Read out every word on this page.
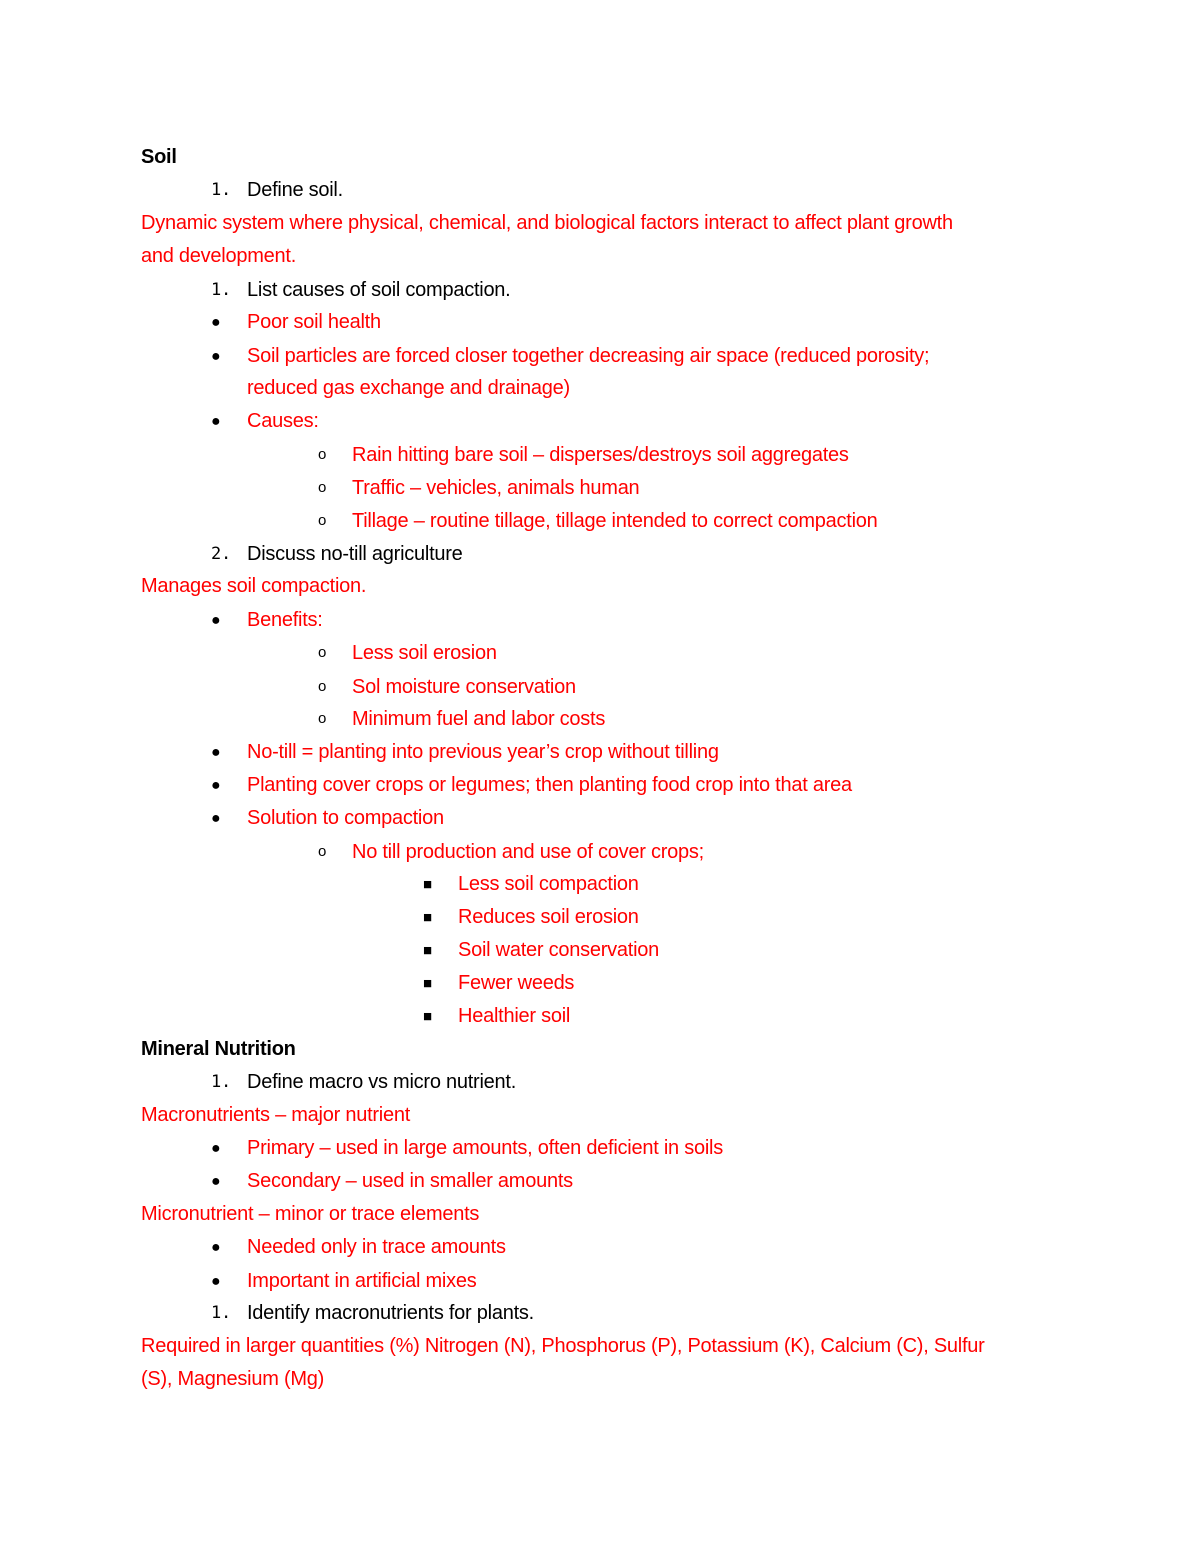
Soil
1. Define soil.
Dynamic system where physical, chemical, and biological factors interact to affect plant growth
and development.
1. List causes of soil compaction.
● Poor soil health
● Soil particles are forced closer together decreasing air space (reduced porosity;
reduced gas exchange and drainage)
● Causes:
o Rain hitting bare soil – disperses/destroys soil aggregates
o Traffic – vehicles, animals human
o Tillage – routine tillage, tillage intended to correct compaction
2. Discuss no-till agriculture
Manages soil compaction.
● Benefits:
o Less soil erosion
o Sol moisture conservation
o Minimum fuel and labor costs
● No-till = planting into previous year’s crop without tilling
● Planting cover crops or legumes; then planting food crop into that area
● Solution to compaction
o No till production and use of cover crops;
■ Less soil compaction
■ Reduces soil erosion
■ Soil water conservation
■ Fewer weeds
■ Healthier soil
Mineral Nutrition
1. Define macro vs micro nutrient.
Macronutrients – major nutrient
● Primary – used in large amounts, often deficient in soils
● Secondary – used in smaller amounts
Micronutrient – minor or trace elements
● Needed only in trace amounts
● Important in artificial mixes
1. Identify macronutrients for plants.
Required in larger quantities (%) Nitrogen (N), Phosphorus (P), Potassium (K), Calcium (C), Sulfur
(S), Magnesium (Mg)
